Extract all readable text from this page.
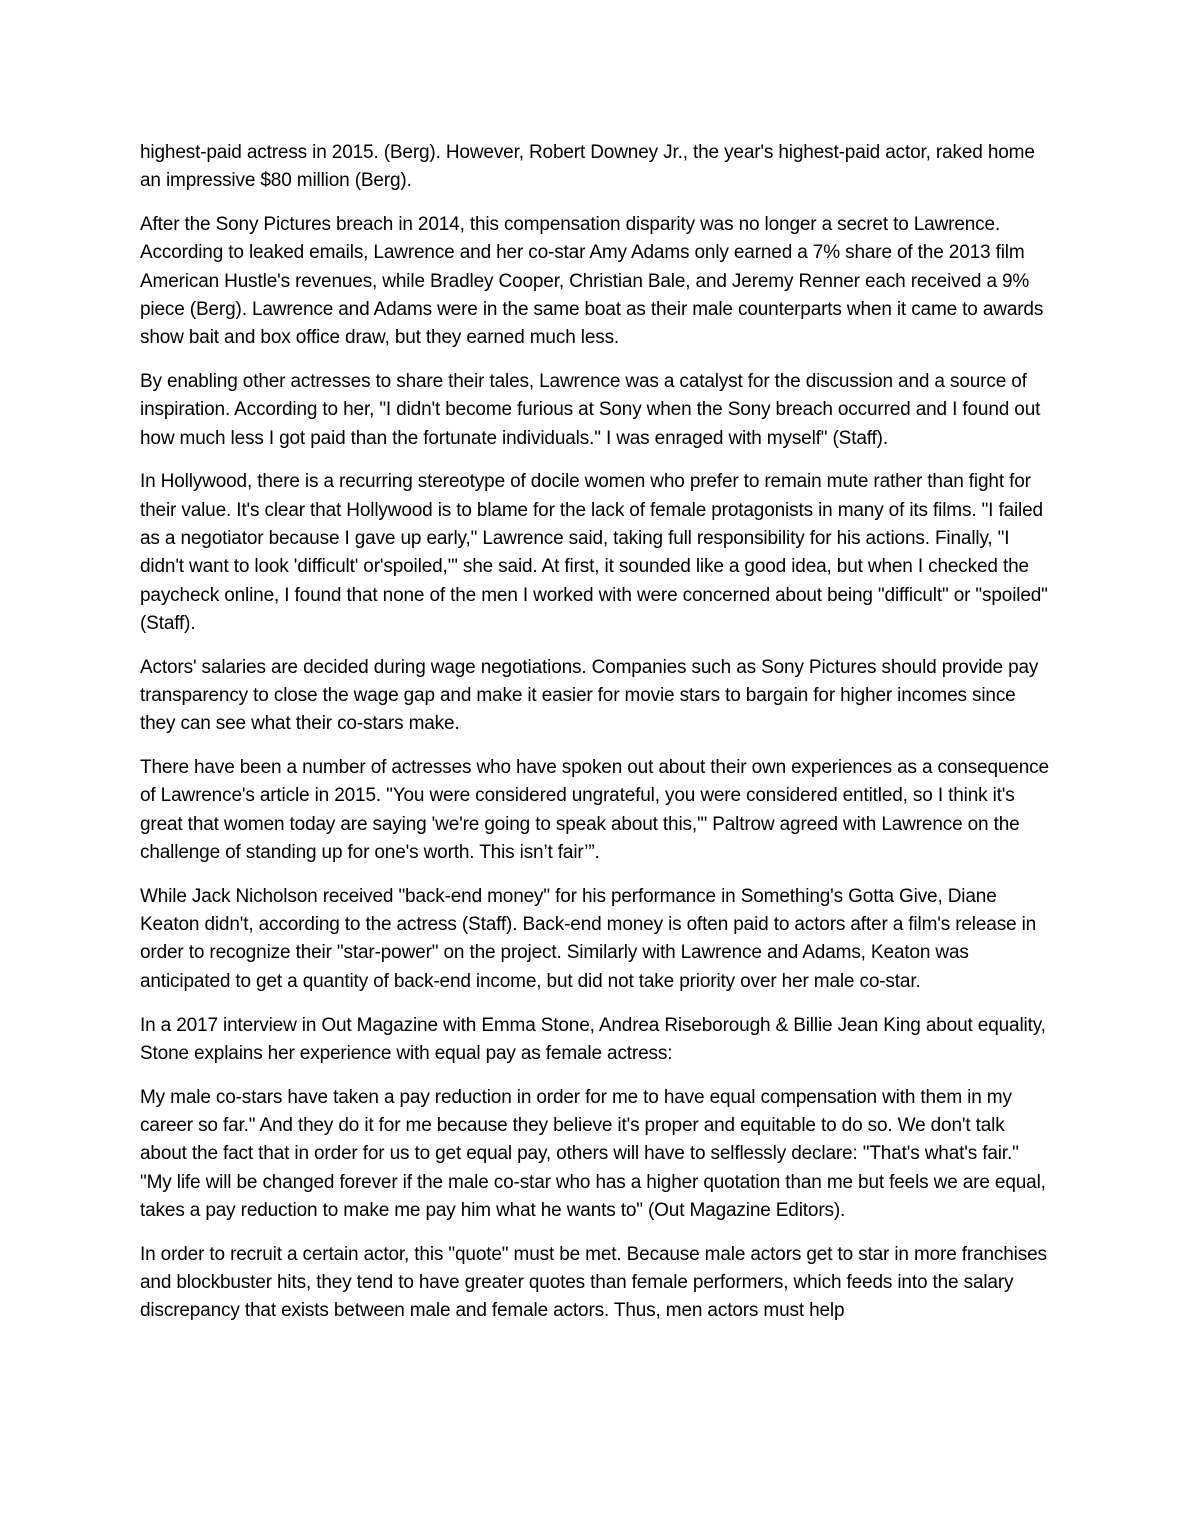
highest-paid actress in 2015. (Berg). However, Robert Downey Jr., the year's highest-paid actor, raked home an impressive $80 million (Berg).

After the Sony Pictures breach in 2014, this compensation disparity was no longer a secret to Lawrence. According to leaked emails, Lawrence and her co-star Amy Adams only earned a 7% share of the 2013 film American Hustle's revenues, while Bradley Cooper, Christian Bale, and Jeremy Renner each received a 9% piece (Berg). Lawrence and Adams were in the same boat as their male counterparts when it came to awards show bait and box office draw, but they earned much less.

By enabling other actresses to share their tales, Lawrence was a catalyst for the discussion and a source of inspiration. According to her, "I didn't become furious at Sony when the Sony breach occurred and I found out how much less I got paid than the fortunate individuals." I was enraged with myself" (Staff).

In Hollywood, there is a recurring stereotype of docile women who prefer to remain mute rather than fight for their value. It's clear that Hollywood is to blame for the lack of female protagonists in many of its films. "I failed as a negotiator because I gave up early," Lawrence said, taking full responsibility for his actions. Finally, "I didn't want to look 'difficult' or'spoiled,'" she said. At first, it sounded like a good idea, but when I checked the paycheck online, I found that none of the men I worked with were concerned about being "difficult" or "spoiled" (Staff).

Actors' salaries are decided during wage negotiations. Companies such as Sony Pictures should provide pay transparency to close the wage gap and make it easier for movie stars to bargain for higher incomes since they can see what their co-stars make.

There have been a number of actresses who have spoken out about their own experiences as a consequence of Lawrence's article in 2015. "You were considered ungrateful, you were considered entitled, so I think it's great that women today are saying 'we're going to speak about this,'" Paltrow agreed with Lawrence on the challenge of standing up for one's worth. This isn’t fair’”.

While Jack Nicholson received "back-end money" for his performance in Something's Gotta Give, Diane Keaton didn't, according to the actress (Staff). Back-end money is often paid to actors after a film's release in order to recognize their "star-power" on the project. Similarly with Lawrence and Adams, Keaton was anticipated to get a quantity of back-end income, but did not take priority over her male co-star.

In a 2017 interview in Out Magazine with Emma Stone, Andrea Riseborough & Billie Jean King about equality, Stone explains her experience with equal pay as female actress:

My male co-stars have taken a pay reduction in order for me to have equal compensation with them in my career so far." And they do it for me because they believe it's proper and equitable to do so. We don't talk about the fact that in order for us to get equal pay, others will have to selflessly declare: "That's what's fair." "My life will be changed forever if the male co-star who has a higher quotation than me but feels we are equal, takes a pay reduction to make me pay him what he wants to" (Out Magazine Editors).

In order to recruit a certain actor, this "quote" must be met. Because male actors get to star in more franchises and blockbuster hits, they tend to have greater quotes than female performers, which feeds into the salary discrepancy that exists between male and female actors. Thus, men actors must help
